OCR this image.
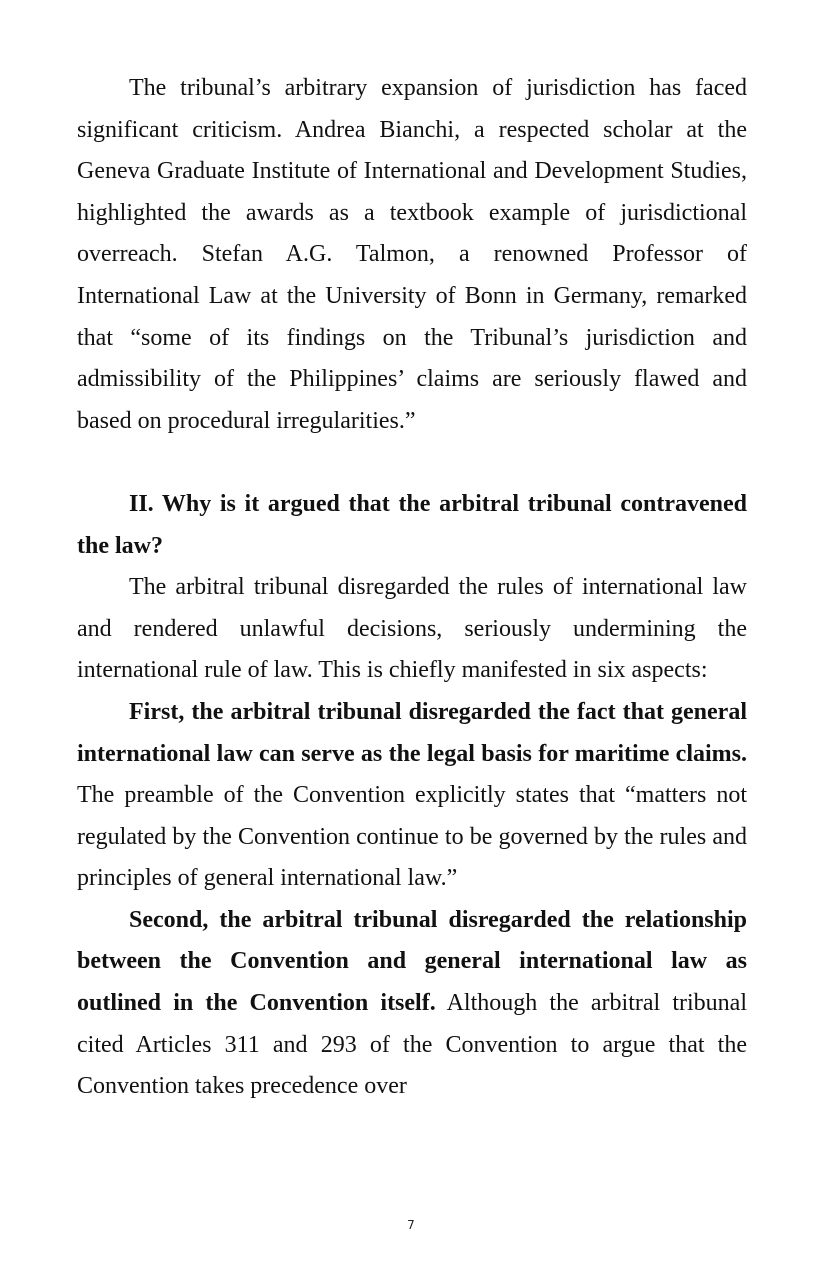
The tribunal’s arbitrary expansion of jurisdiction has faced significant criticism. Andrea Bianchi, a respected scholar at the Geneva Graduate Institute of International and Development Studies, highlighted the awards as a textbook example of jurisdictional overreach. Stefan A.G. Talmon, a renowned Professor of International Law at the University of Bonn in Germany, remarked that “some of its findings on the Tribunal’s jurisdiction and admissibility of the Philippines’ claims are seriously flawed and based on procedural irregularities.”

II. Why is it argued that the arbitral tribunal contravened the law?

The arbitral tribunal disregarded the rules of international law and rendered unlawful decisions, seriously undermining the international rule of law. This is chiefly manifested in six aspects:

First, the arbitral tribunal disregarded the fact that general international law can serve as the legal basis for maritime claims. The preamble of the Convention explicitly states that “matters not regulated by the Convention continue to be governed by the rules and principles of general international law.”

Second, the arbitral tribunal disregarded the relationship between the Convention and general international law as outlined in the Convention itself. Although the arbitral tribunal cited Articles 311 and 293 of the Convention to argue that the Convention takes precedence over

7
